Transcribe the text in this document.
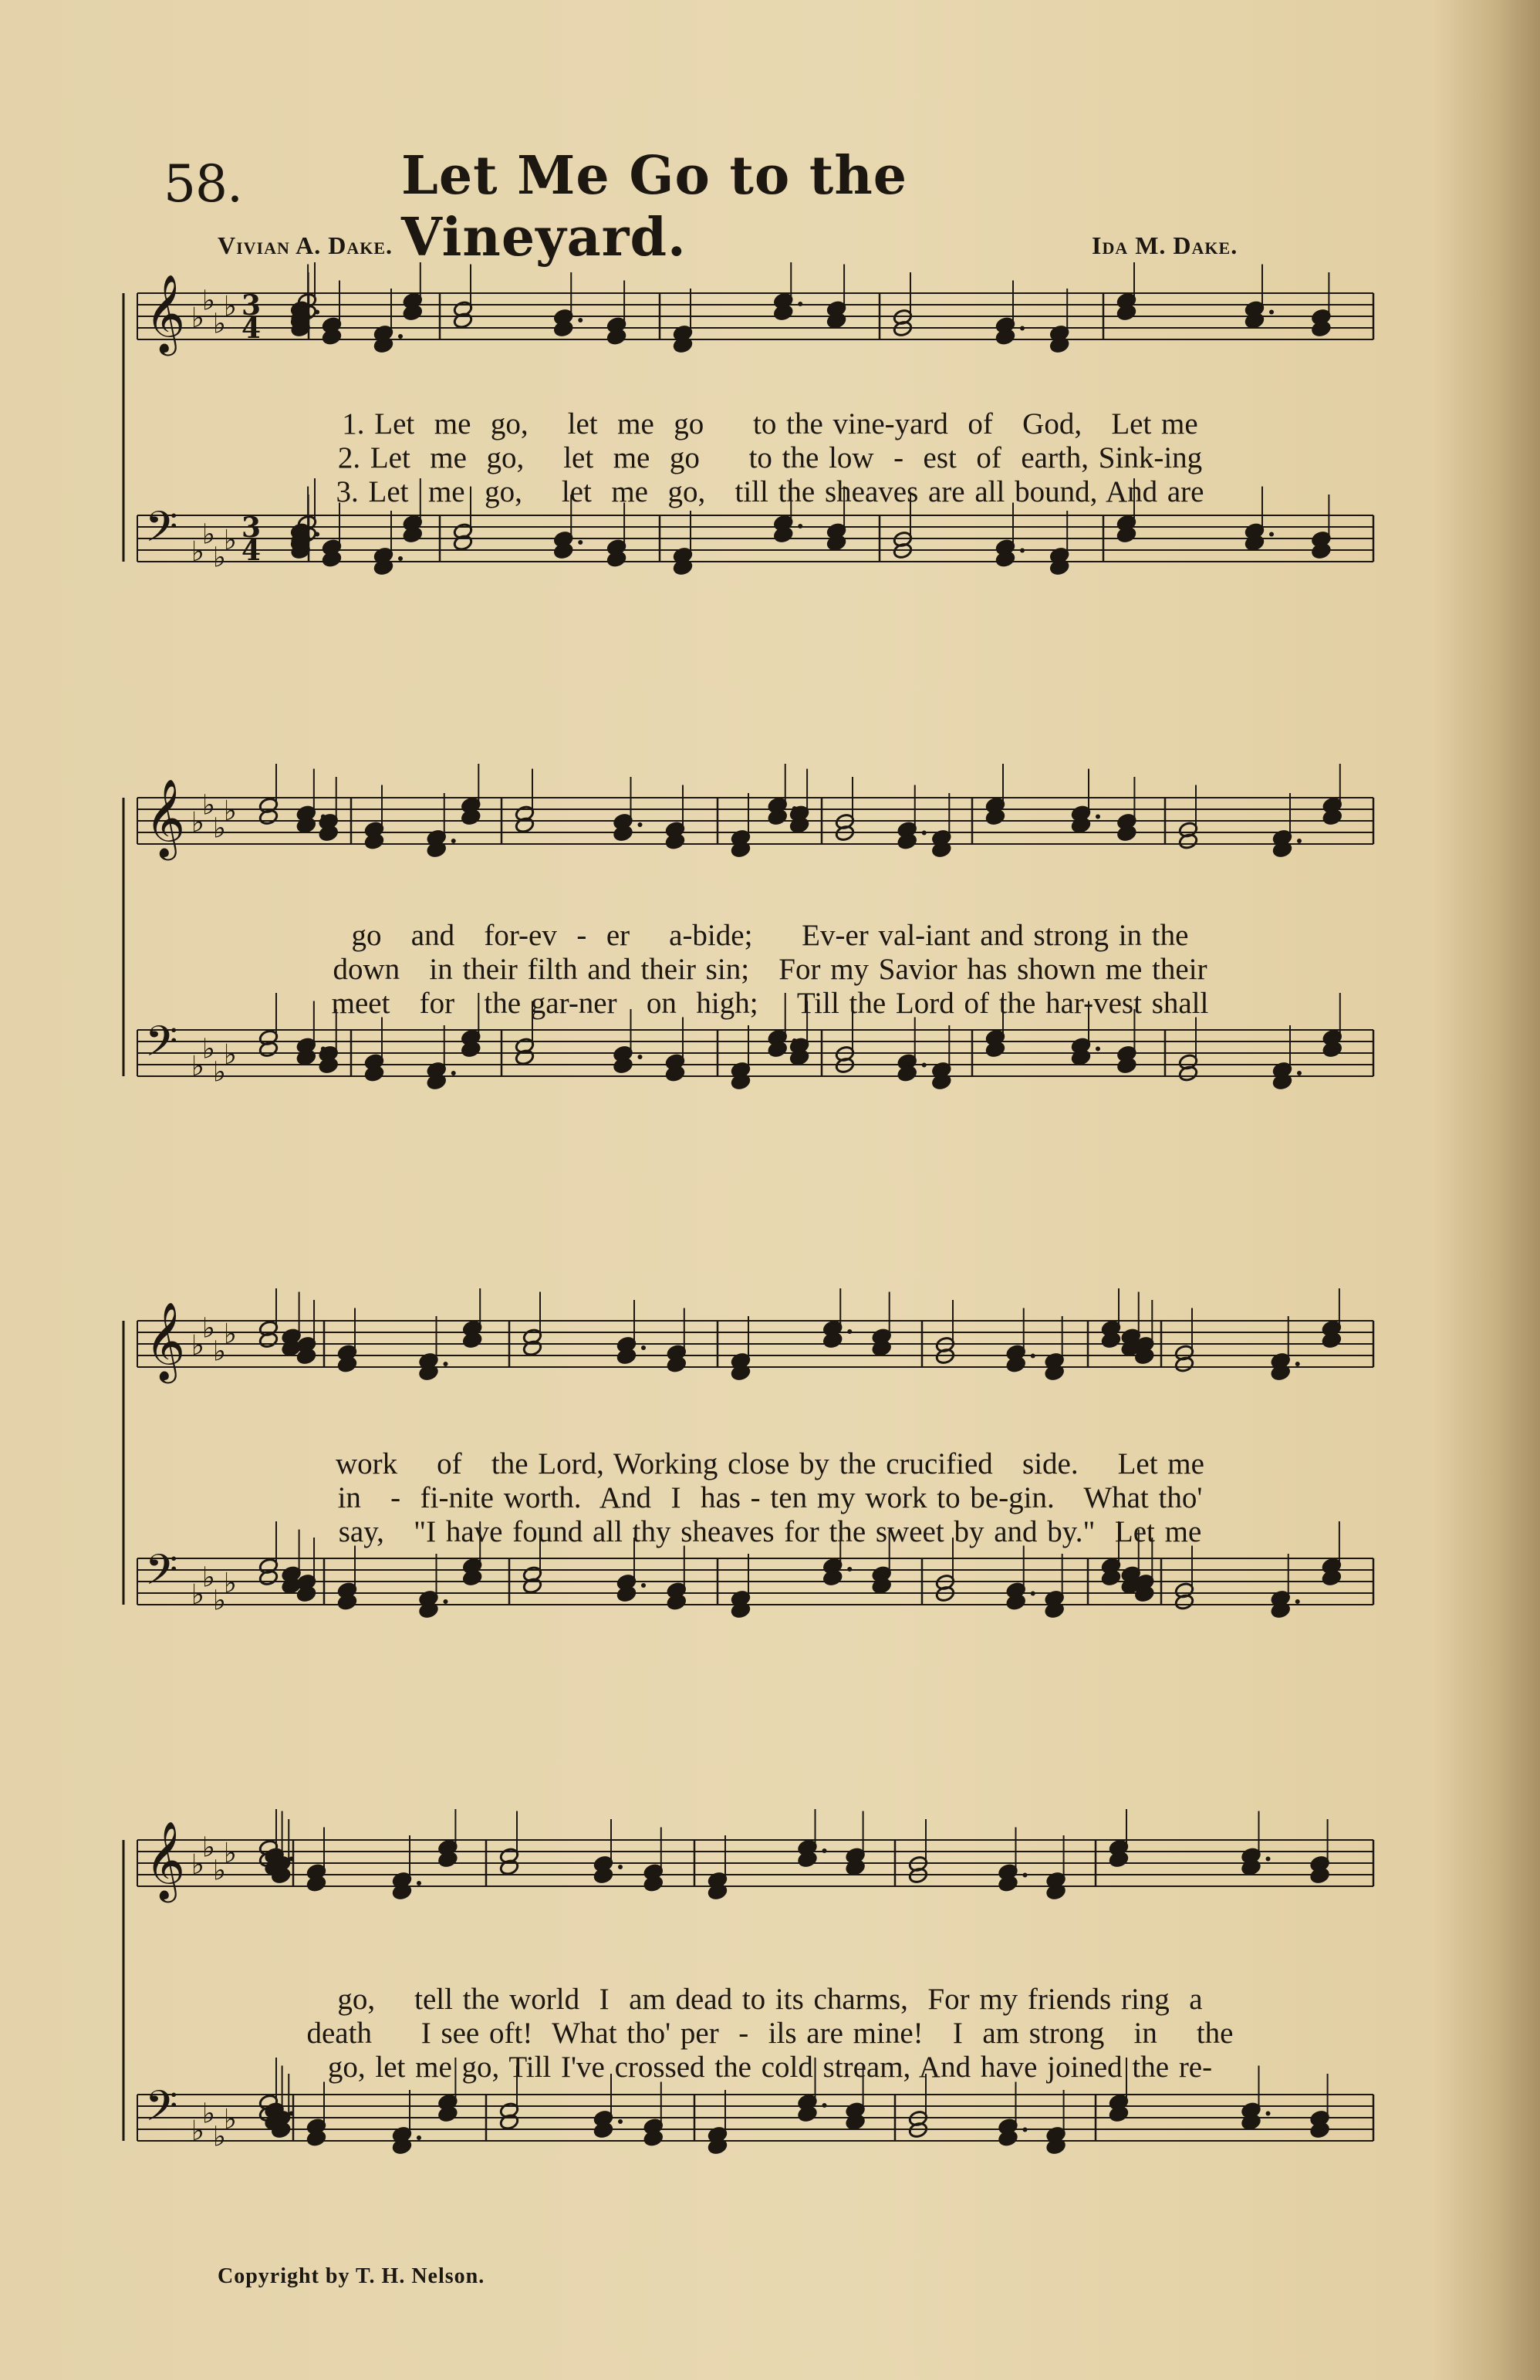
58.	Let Me Go to the Vineyard.
Vivian A. Dake.	Ida M. Dake.
𝄞 ♭
♭
♭
♭ 3
4
𝄢 ♭
♭
♭
♭ 3
4
1. Let  me  go,    let  me  go     to the vine-yard  of   God,   Let me
2. Let  me  go,    let  me  go     to the low  -  est  of  earth, Sink-ing
3. Let  me  go,    let  me  go,   till the sheaves are all bound, And are
𝄞 ♭
♭
♭
♭
𝄢 ♭
♭
♭
♭
go   and   for-ev  -  er    a-bide;     Ev-er val-iant and strong in the
down   in their filth and their sin;   For my Savior has shown me their
meet   for   the gar-ner   on  high;    Till the Lord of the har-vest shall
𝄞 ♭
♭
♭
♭
𝄢 ♭
♭
♭
♭
work    of   the Lord, Working close by the crucified   side.    Let me
in   -  fi-nite worth.  And  I  has - ten my work to be-gin.   What tho'
say,   "I have found all thy sheaves for the sweet by and by."  Let me
𝄞 ♭
♭
♭
♭
𝄢 ♭
♭
♭
♭
go,    tell the world  I  am dead to its charms,  For my friends ring  a
death     I see oft!  What tho' per  -  ils are mine!   I  am strong   in    the
go, let me go, Till I've crossed the cold stream, And have joined the re-
Copyright by T. H. Nelson.
